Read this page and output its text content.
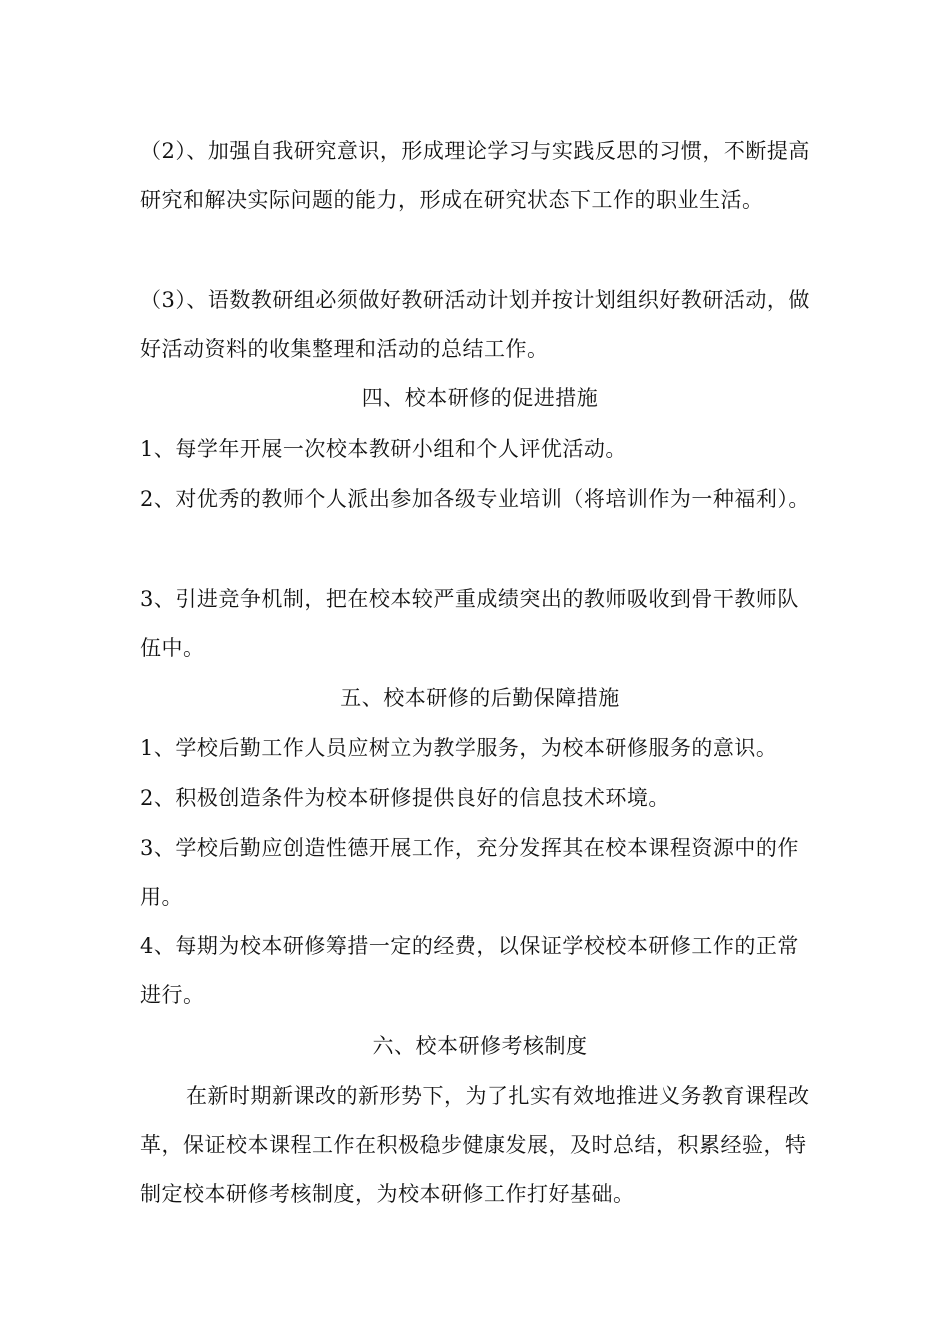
（2）、加强自我研究意识，形成理论学习与实践反思的习惯，不断提高研究和解决实际问题的能力，形成在研究状态下工作的职业生活。

（3）、语数教研组必须做好教研活动计划并按计划组织好教研活动，做好活动资料的收集整理和活动的总结工作。

四、校本研修的促进措施

1、每学年开展一次校本教研小组和个人评优活动。

2、对优秀的教师个人派出参加各级专业培训（将培训作为一种福利）。

3、引进竞争机制，把在校本较严重成绩突出的教师吸收到骨干教师队伍中。

五、校本研修的后勤保障措施

1、学校后勤工作人员应树立为教学服务，为校本研修服务的意识。

2、积极创造条件为校本研修提供良好的信息技术环境。

3、学校后勤应创造性德开展工作，充分发挥其在校本课程资源中的作用。

4、每期为校本研修筹措一定的经费，以保证学校校本研修工作的正常进行。

六、校本研修考核制度

在新时期新课改的新形势下，为了扎实有效地推进义务教育课程改革，保证校本课程工作在积极稳步健康发展，及时总结，积累经验，特制定校本研修考核制度，为校本研修工作打好基础。
